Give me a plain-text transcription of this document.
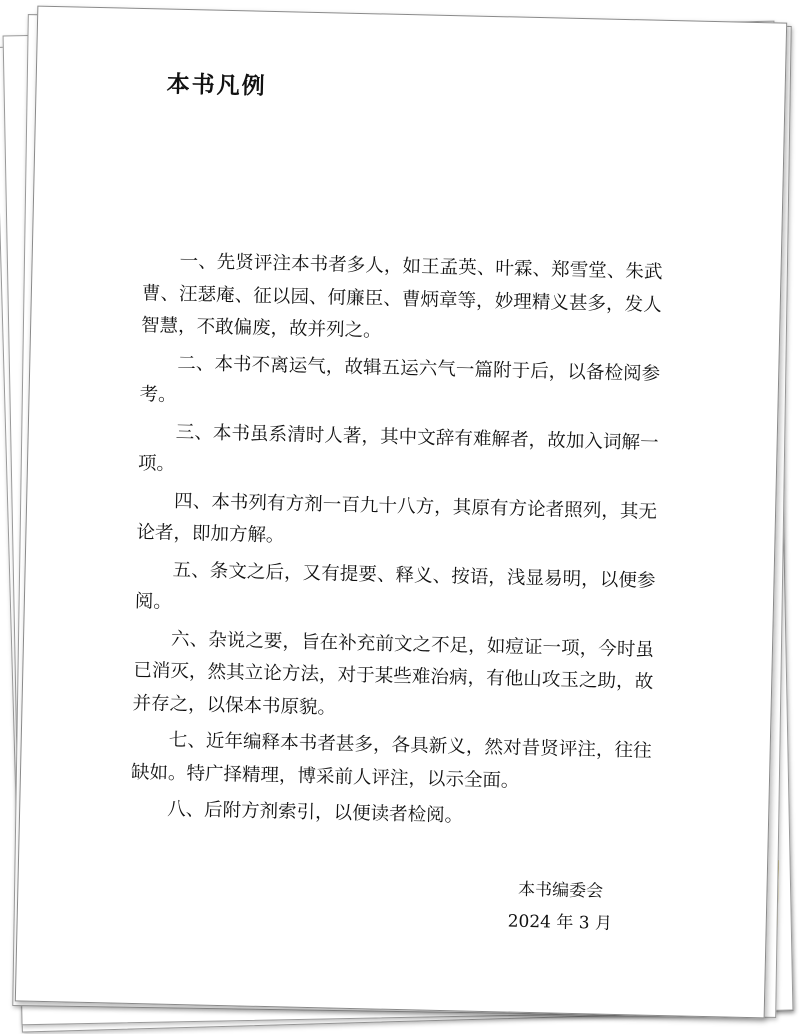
本书凡例

一、先贤评注本书者多人，如王孟英、叶霖、郑雪堂、朱武曹、汪瑟庵、征以园、何廉臣、曹炳章等，妙理精义甚多，发人智慧，不敢偏废，故并列之。

二、本书不离运气，故辑五运六气一篇附于后，以备检阅参考。

三、本书虽系清时人著，其中文辞有难解者，故加入词解一项。

四、本书列有方剂一百九十八方，其原有方论者照列，其无论者，即加方解。

五、条文之后，又有提要、释义、按语，浅显易明，以便参阅。

六、杂说之要，旨在补充前文之不足，如痘证一项，今时虽已消灭，然其立论方法，对于某些难治病，有他山攻玉之助，故并存之，以保本书原貌。

七、近年编释本书者甚多，各具新义，然对昔贤评注，往往缺如。特广择精理，博采前人评注，以示全面。

八、后附方剂索引，以便读者检阅。

本书编委会
2024 年 3 月
